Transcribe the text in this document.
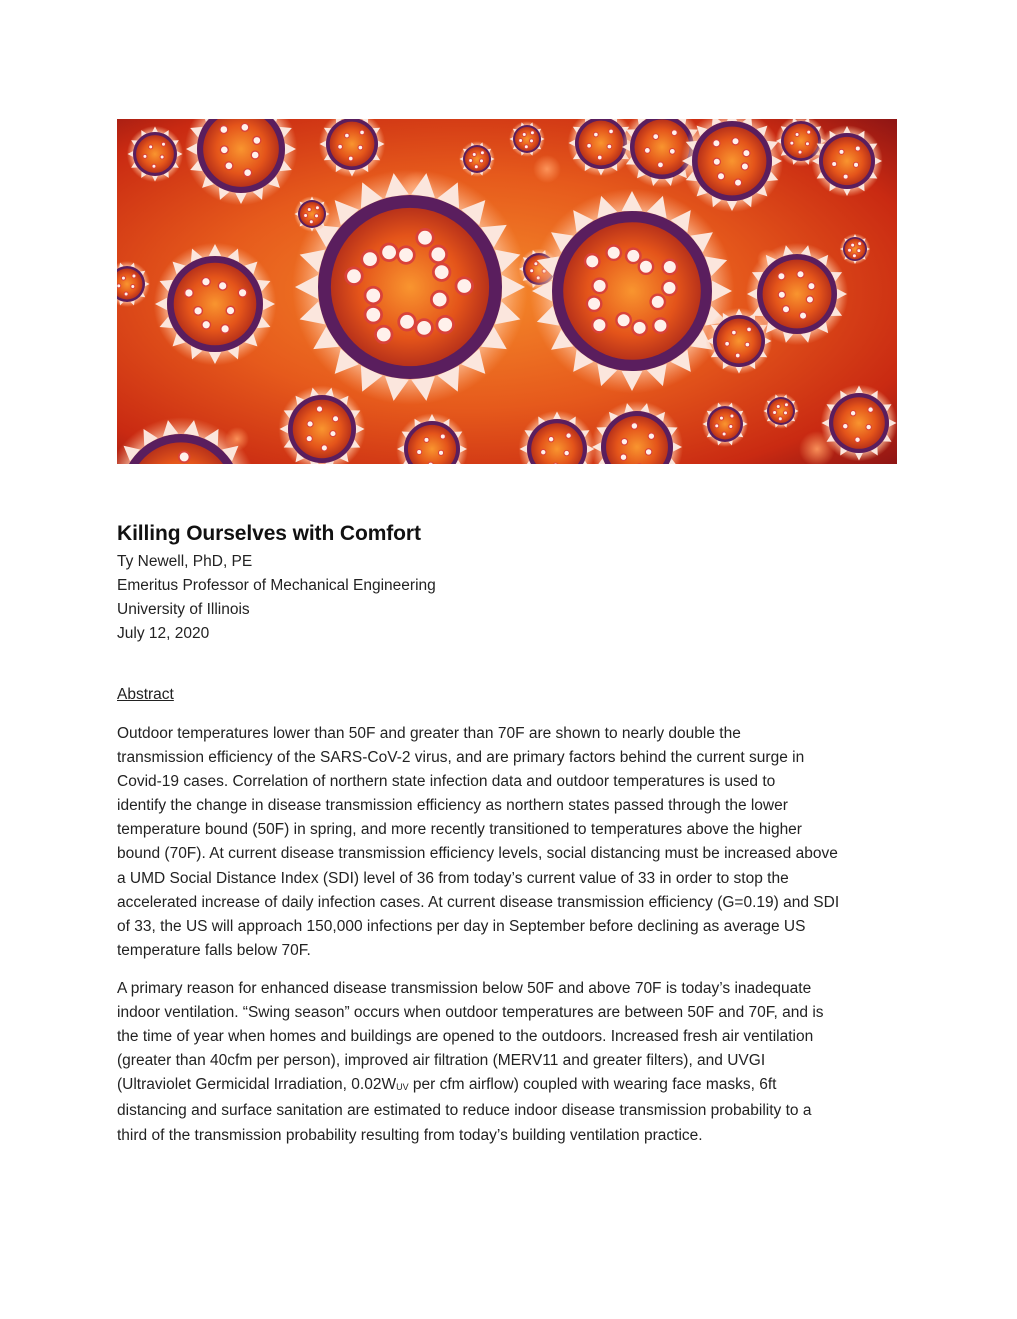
Killing Ourselves with Comfort
Ty Newell, PhD, PE
Emeritus Professor of Mechanical Engineering
University of Illinois
July 12, 2020
Abstract
Outdoor temperatures lower than 50F and greater than 70F are shown to nearly double the
transmission efficiency of the SARS-CoV-2 virus, and are primary factors behind the current surge in
Covid-19 cases. Correlation of northern state infection data and outdoor temperatures is used to
identify the change in disease transmission efficiency as northern states passed through the lower
temperature bound (50F) in spring, and more recently transitioned to temperatures above the higher
bound (70F). At current disease transmission efficiency levels, social distancing must be increased above
a UMD Social Distance Index (SDI) level of 36 from today’s current value of 33 in order to stop the
accelerated increase of daily infection cases. At current disease transmission efficiency (G=0.19) and SDI
of 33, the US will approach 150,000 infections per day in September before declining as average US
temperature falls below 70F.
A primary reason for enhanced disease transmission below 50F and above 70F is today’s inadequate
indoor ventilation. “Swing season” occurs when outdoor temperatures are between 50F and 70F, and is
the time of year when homes and buildings are opened to the outdoors. Increased fresh air ventilation
(greater than 40cfm per person), improved air filtration (MERV11 and greater filters), and UVGI
(Ultraviolet Germicidal Irradiation, $0.02W_{UV}$ per cfm airflow) coupled with wearing face masks, 6ft
distancing and surface sanitation are estimated to reduce indoor disease transmission probability to a
third of the transmission probability resulting from today’s building ventilation practice.
